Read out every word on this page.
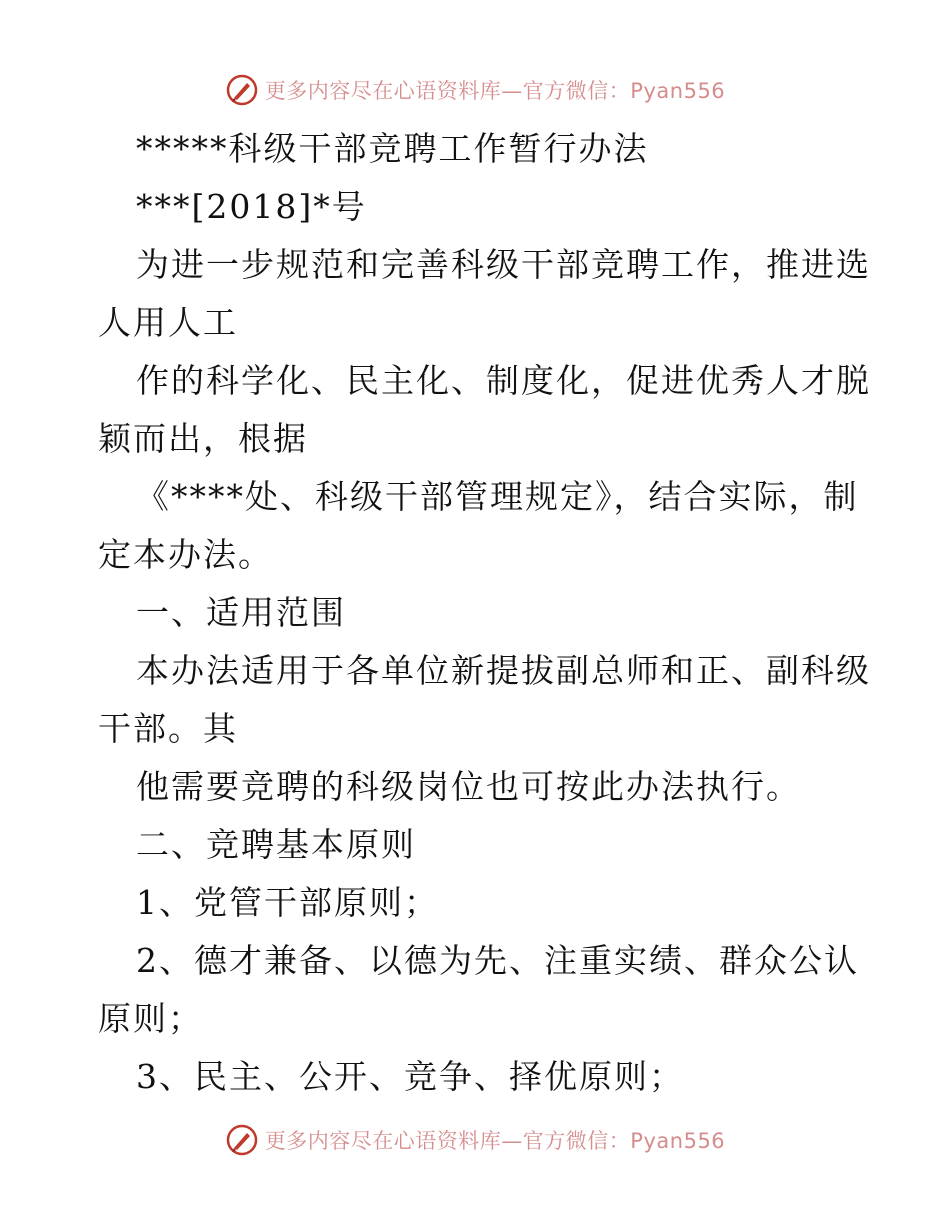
更多内容尽在心语资料库—官方微信：Pyan556
*****科级干部竞聘工作暂行办法
***[2018]*号
为进一步规范和完善科级干部竞聘工作，推进选
人用人工
作的科学化、民主化、制度化，促进优秀人才脱
颖而出，根据
《****处、科级干部管理规定》，结合实际，制
定本办法。
一、适用范围
本办法适用于各单位新提拔副总师和正、副科级
干部。其
他需要竞聘的科级岗位也可按此办法执行。
二、竞聘基本原则
1、党管干部原则；
2、德才兼备、以德为先、注重实绩、群众公认
原则；
3、民主、公开、竞争、择优原则；
更多内容尽在心语资料库—官方微信：Pyan556
